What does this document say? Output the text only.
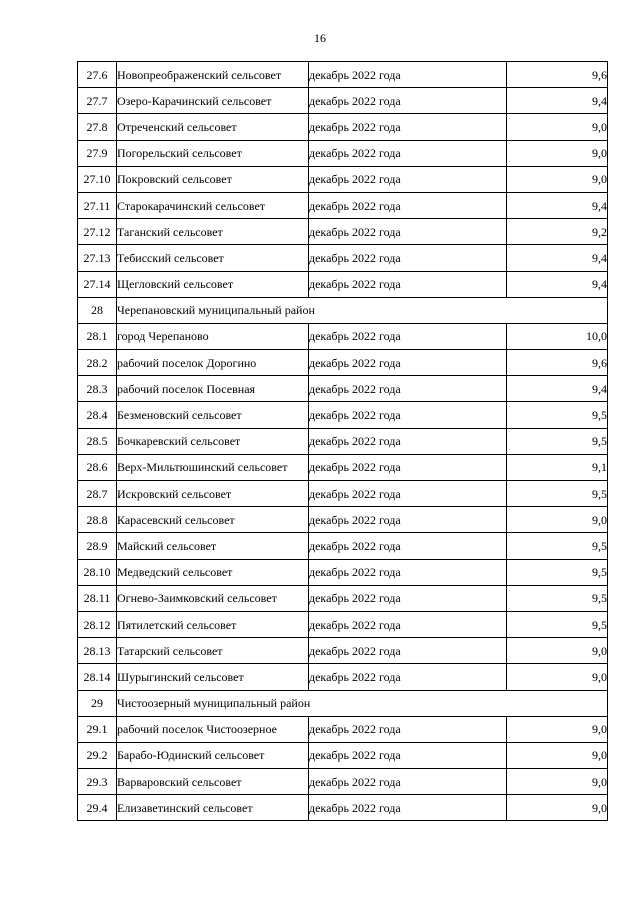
16
27.6	Новопреображенский сельсовет	декабрь 2022 года	9,6
27.7	Озеро-Карачинский сельсовет	декабрь 2022 года	9,4
27.8	Отреченский сельсовет	декабрь 2022 года	9,0
27.9	Погорельский сельсовет	декабрь 2022 года	9,0
27.10	Покровский сельсовет	декабрь 2022 года	9,0
27.11	Старокарачинский сельсовет	декабрь 2022 года	9,4
27.12	Таганский сельсовет	декабрь 2022 года	9,2
27.13	Тебисский сельсовет	декабрь 2022 года	9,4
27.14	Щегловский сельсовет	декабрь 2022 года	9,4
28	Черепановский муниципальный район		
28.1	город Черепаново	декабрь 2022 года	10,0
28.2	рабочий поселок Дорогино	декабрь 2022 года	9,6
28.3	рабочий поселок Посевная	декабрь 2022 года	9,4
28.4	Безменовский сельсовет	декабрь 2022 года	9,5
28.5	Бочкаревский сельсовет	декабрь 2022 года	9,5
28.6	Верх-Мильтюшинский сельсовет	декабрь 2022 года	9,1
28.7	Искровский сельсовет	декабрь 2022 года	9,5
28.8	Карасевский сельсовет	декабрь 2022 года	9,0
28.9	Майский сельсовет	декабрь 2022 года	9,5
28.10	Медведский сельсовет	декабрь 2022 года	9,5
28.11	Огнево-Заимковский сельсовет	декабрь 2022 года	9,5
28.12	Пятилетский сельсовет	декабрь 2022 года	9,5
28.13	Татарский сельсовет	декабрь 2022 года	9,0
28.14	Шурыгинский сельсовет	декабрь 2022 года	9,0
29	Чистоозерный муниципальный район		
29.1	рабочий поселок Чистоозерное	декабрь 2022 года	9,0
29.2	Барабо-Юдинский сельсовет	декабрь 2022 года	9,0
29.3	Варваровский сельсовет	декабрь 2022 года	9,0
29.4	Елизаветинский сельсовет	декабрь 2022 года	9,0
